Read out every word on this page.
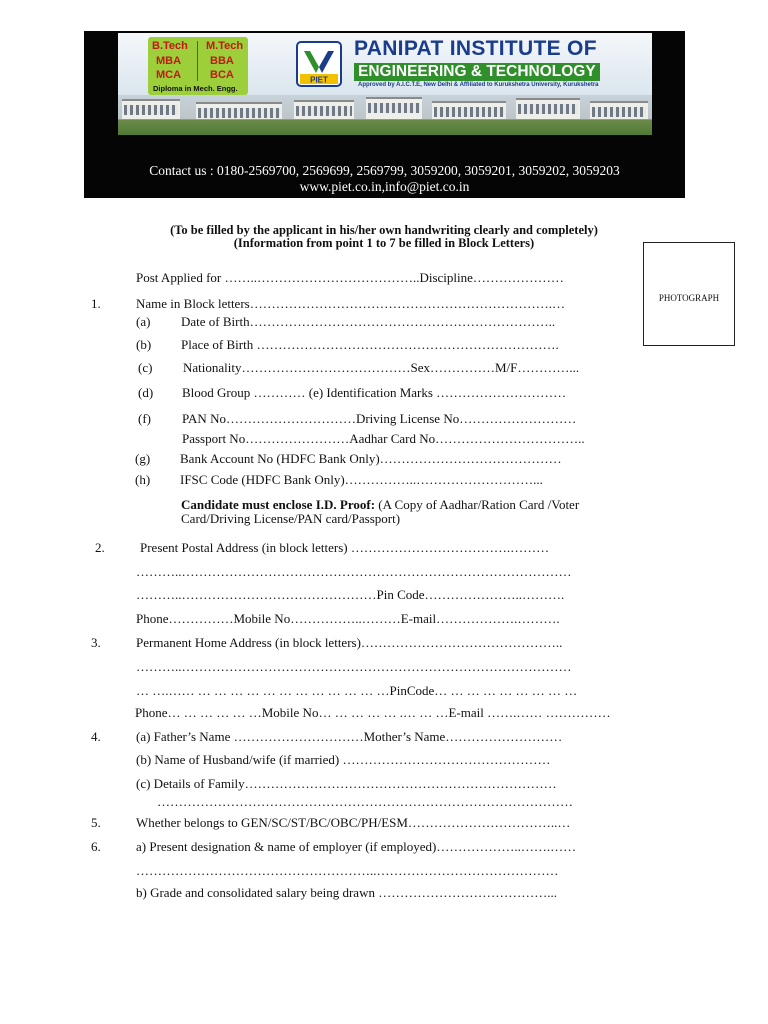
B.Tech M.Tech
MBA	BBA
MCA	BCA
Diploma in Mech. Engg.
PIET
PANIPAT INSTITUTE OF
ENGINEERING & TECHNOLOGY
Approved by A.I.C.T.E, New Delhi & Affiliated to Kurukshetra University, Kurukshetra
Contact us : 0180-2569700, 2569699, 2569799, 3059200, 3059201, 3059202, 3059203
www.piet.co.in,info@piet.co.in
(To be filled by the applicant in his/her own handwriting clearly and completely)
(Information from point 1 to 7 be filled in Block Letters)
PHOTOGRAPH
Post Applied for ……..………………………………..Discipline…………………
1.	Name in Block letters…………………………………………………………….…
(a) Date of Birth……………………………………………………………..
(b) Place of Birth …………………………………………………………….
(c) Nationality…………………………………Sex……………M/F…………...
(d) Blood Group ………… (e) Identification Marks …………………………
(f) PAN No…………………………Driving License No………………………
Passport No……………………Aadhar Card No……………………………..
(g) Bank Account No (HDFC Bank Only)……………………………………
(h) IFSC Code (HDFC Bank Only)……………..………………………...
Candidate must enclose I.D. Proof: (A Copy of Aadhar/Ration Card /Voter
Card/Driving License/PAN card/Passport)
2.	Present Postal Address (in block letters) ……………………………….………
………..………………………………………………………………………………
………..………………………………………Pin Code…………………..……….
Phone……………Mobile No……………..………E-mail……………….……….
3.	Permanent Home Address (in block letters)………………………………………..
………..………………………………………………………………………………
… ….…… … … … … … … … … … … … …PinCode… … … … … … … … …
Phone… … … … … …Mobile No… … … … … .… … …E-mail …….…… ……………
4.	(a) Father’s Name …………………………Mother’s Name………………………
(b) Name of Husband/wife (if married) …………………………………………
(c) Details of Family………………………………………………………………
……………………………………………………………………………………
5.	Whether belongs to GEN/SC/ST/BC/OBC/PH/ESM……………………………..…
6.	a) Present designation & name of employer (if employed)………………..…….……
………………………………………………..……………………………………
b) Grade and consolidated salary being drawn …………………………………...
